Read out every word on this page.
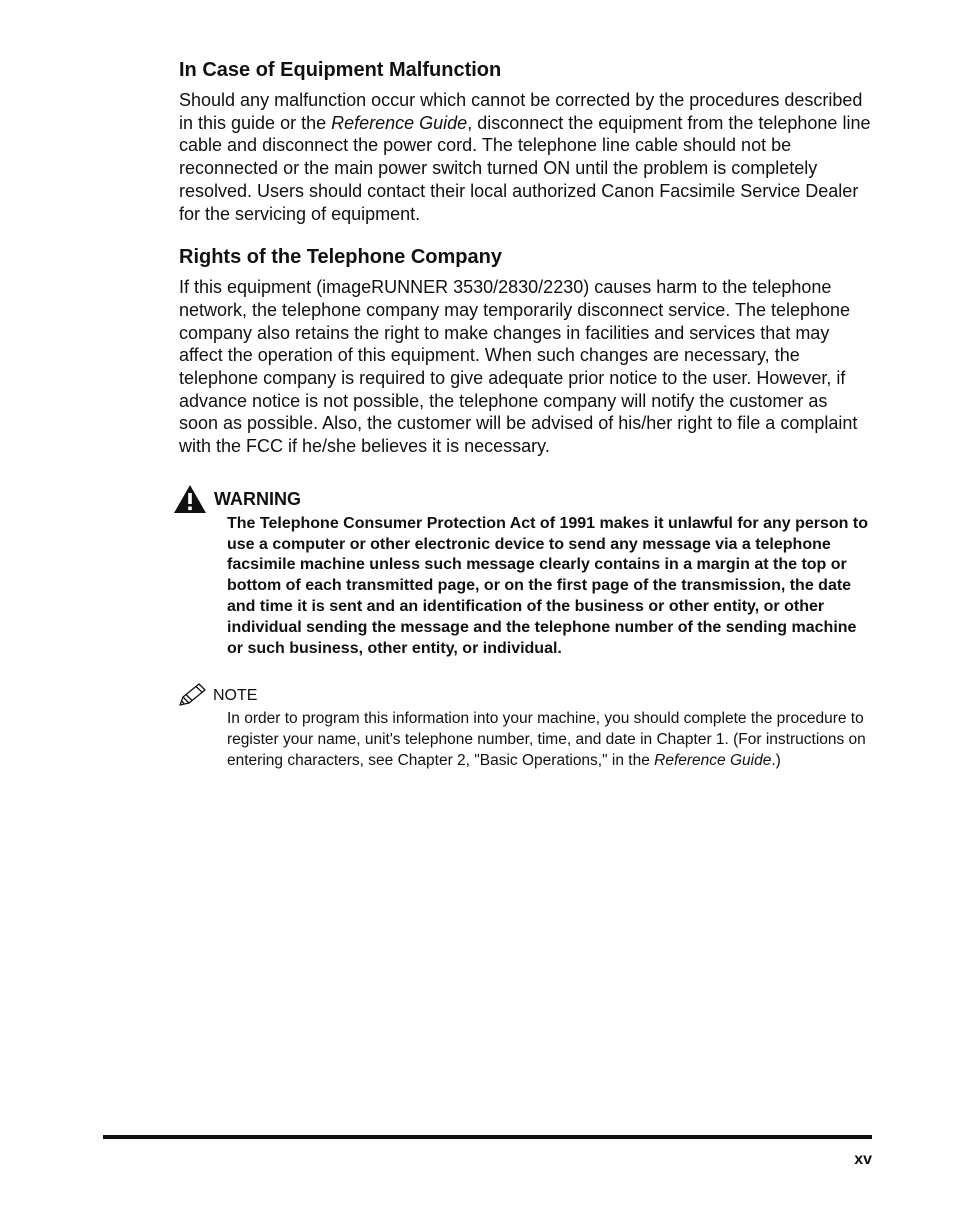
In Case of Equipment Malfunction

Should any malfunction occur which cannot be corrected by the procedures described in this guide or the Reference Guide, disconnect the equipment from the telephone line cable and disconnect the power cord. The telephone line cable should not be reconnected or the main power switch turned ON until the problem is completely resolved. Users should contact their local authorized Canon Facsimile Service Dealer for the servicing of equipment.

Rights of the Telephone Company

If this equipment (imageRUNNER 3530/2830/2230) causes harm to the telephone network, the telephone company may temporarily disconnect service. The telephone company also retains the right to make changes in facilities and services that may affect the operation of this equipment. When such changes are necessary, the telephone company is required to give adequate prior notice to the user. However, if advance notice is not possible, the telephone company will notify the customer as soon as possible. Also, the customer will be advised of his/her right to file a complaint with the FCC if he/she believes it is necessary.

WARNING
The Telephone Consumer Protection Act of 1991 makes it unlawful for any person to use a computer or other electronic device to send any message via a telephone facsimile machine unless such message clearly contains in a margin at the top or bottom of each transmitted page, or on the first page of the transmission, the date and time it is sent and an identification of the business or other entity, or other individual sending the message and the telephone number of the sending machine or such business, other entity, or individual.
NOTE
In order to program this information into your machine, you should complete the procedure to register your name, unit's telephone number, time, and date in Chapter 1. (For instructions on entering characters, see Chapter 2, "Basic Operations," in the Reference Guide.)
xv
